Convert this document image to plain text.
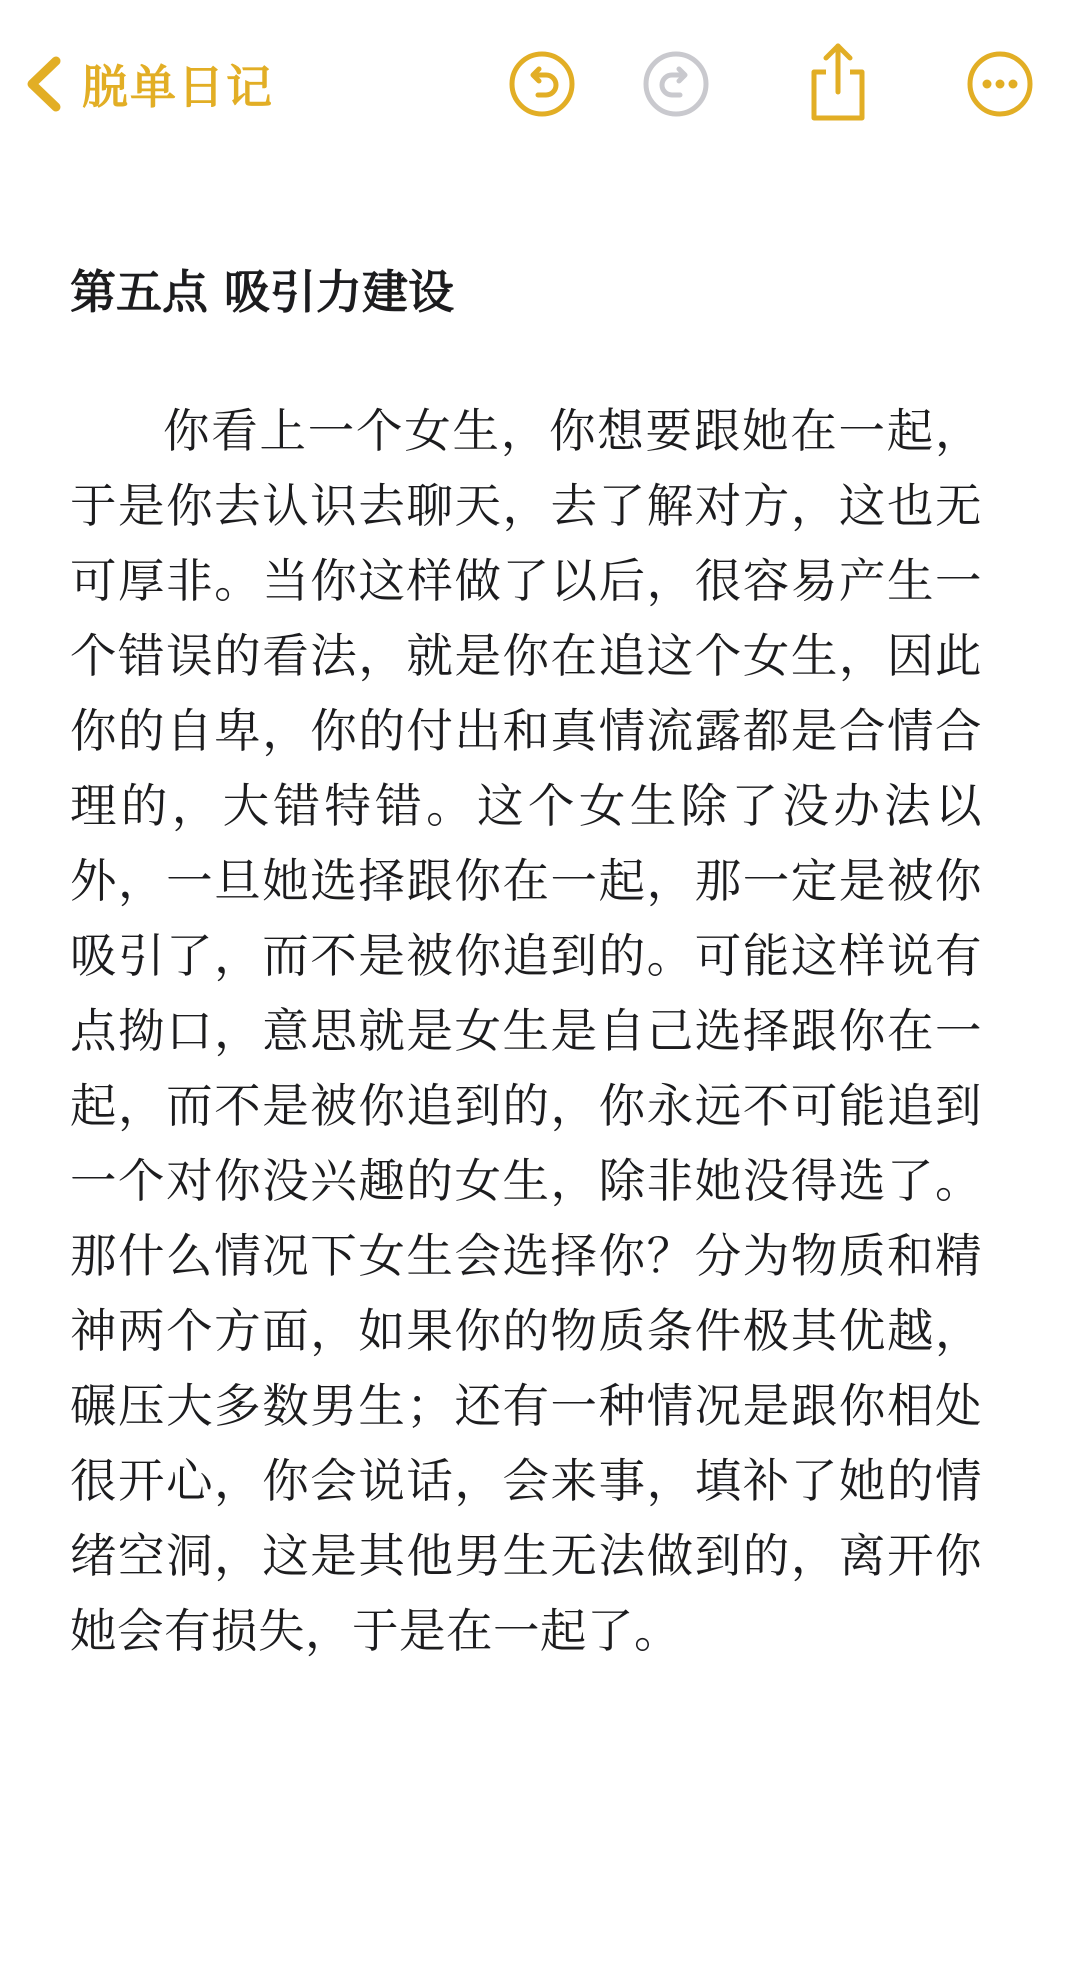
脱单日记

第五点 吸引力建设

你看上一个女生，你想要跟她在一起，于是你去认识去聊天，去了解对方，这也无可厚非。当你这样做了以后，很容易产生一个错误的看法，就是你在追这个女生，因此你的自卑，你的付出和真情流露都是合情合理的，大错特错。这个女生除了没办法以外，一旦她选择跟你在一起，那一定是被你吸引了，而不是被你追到的。可能这样说有点拗口，意思就是女生是自己选择跟你在一起，而不是被你追到的，你永远不可能追到一个对你没兴趣的女生，除非她没得选了。那什么情况下女生会选择你？分为物质和精神两个方面，如果你的物质条件极其优越，碾压大多数男生；还有一种情况是跟你相处很开心，你会说话，会来事，填补了她的情绪空洞，这是其他男生无法做到的，离开你她会有损失，于是在一起了。
